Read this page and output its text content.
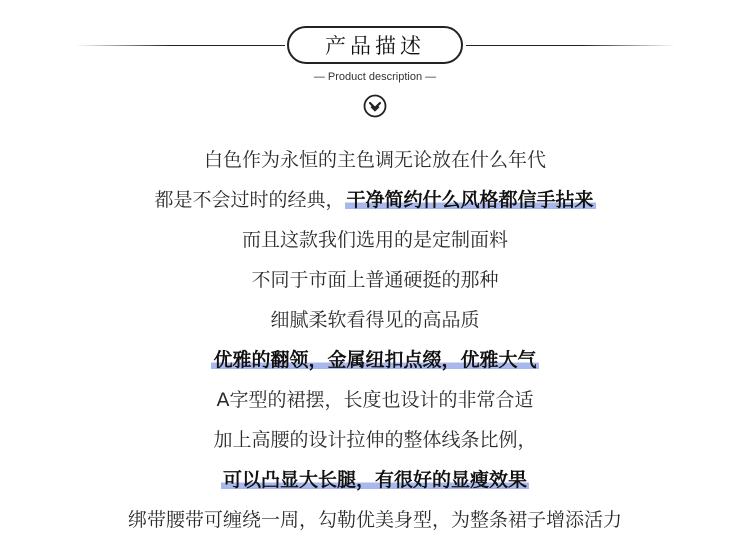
产品描述
— Product description —
白色作为永恒的主色调无论放在什么年代
都是不会过时的经典， 干净简约什么风格都信手拈来
而且这款我们选用的是定制面料
不同于市面上普通硬挺的那种
细腻柔软看得见的高品质
优雅的翻领，金属纽扣点缀，优雅大气
A字型的裙摆，长度也设计的非常合适
加上高腰的设计拉伸的整体线条比例，
可以凸显大长腿，有很好的显瘦效果
绑带腰带可缠绕一周，勾勒优美身型，为整条裙子增添活力
